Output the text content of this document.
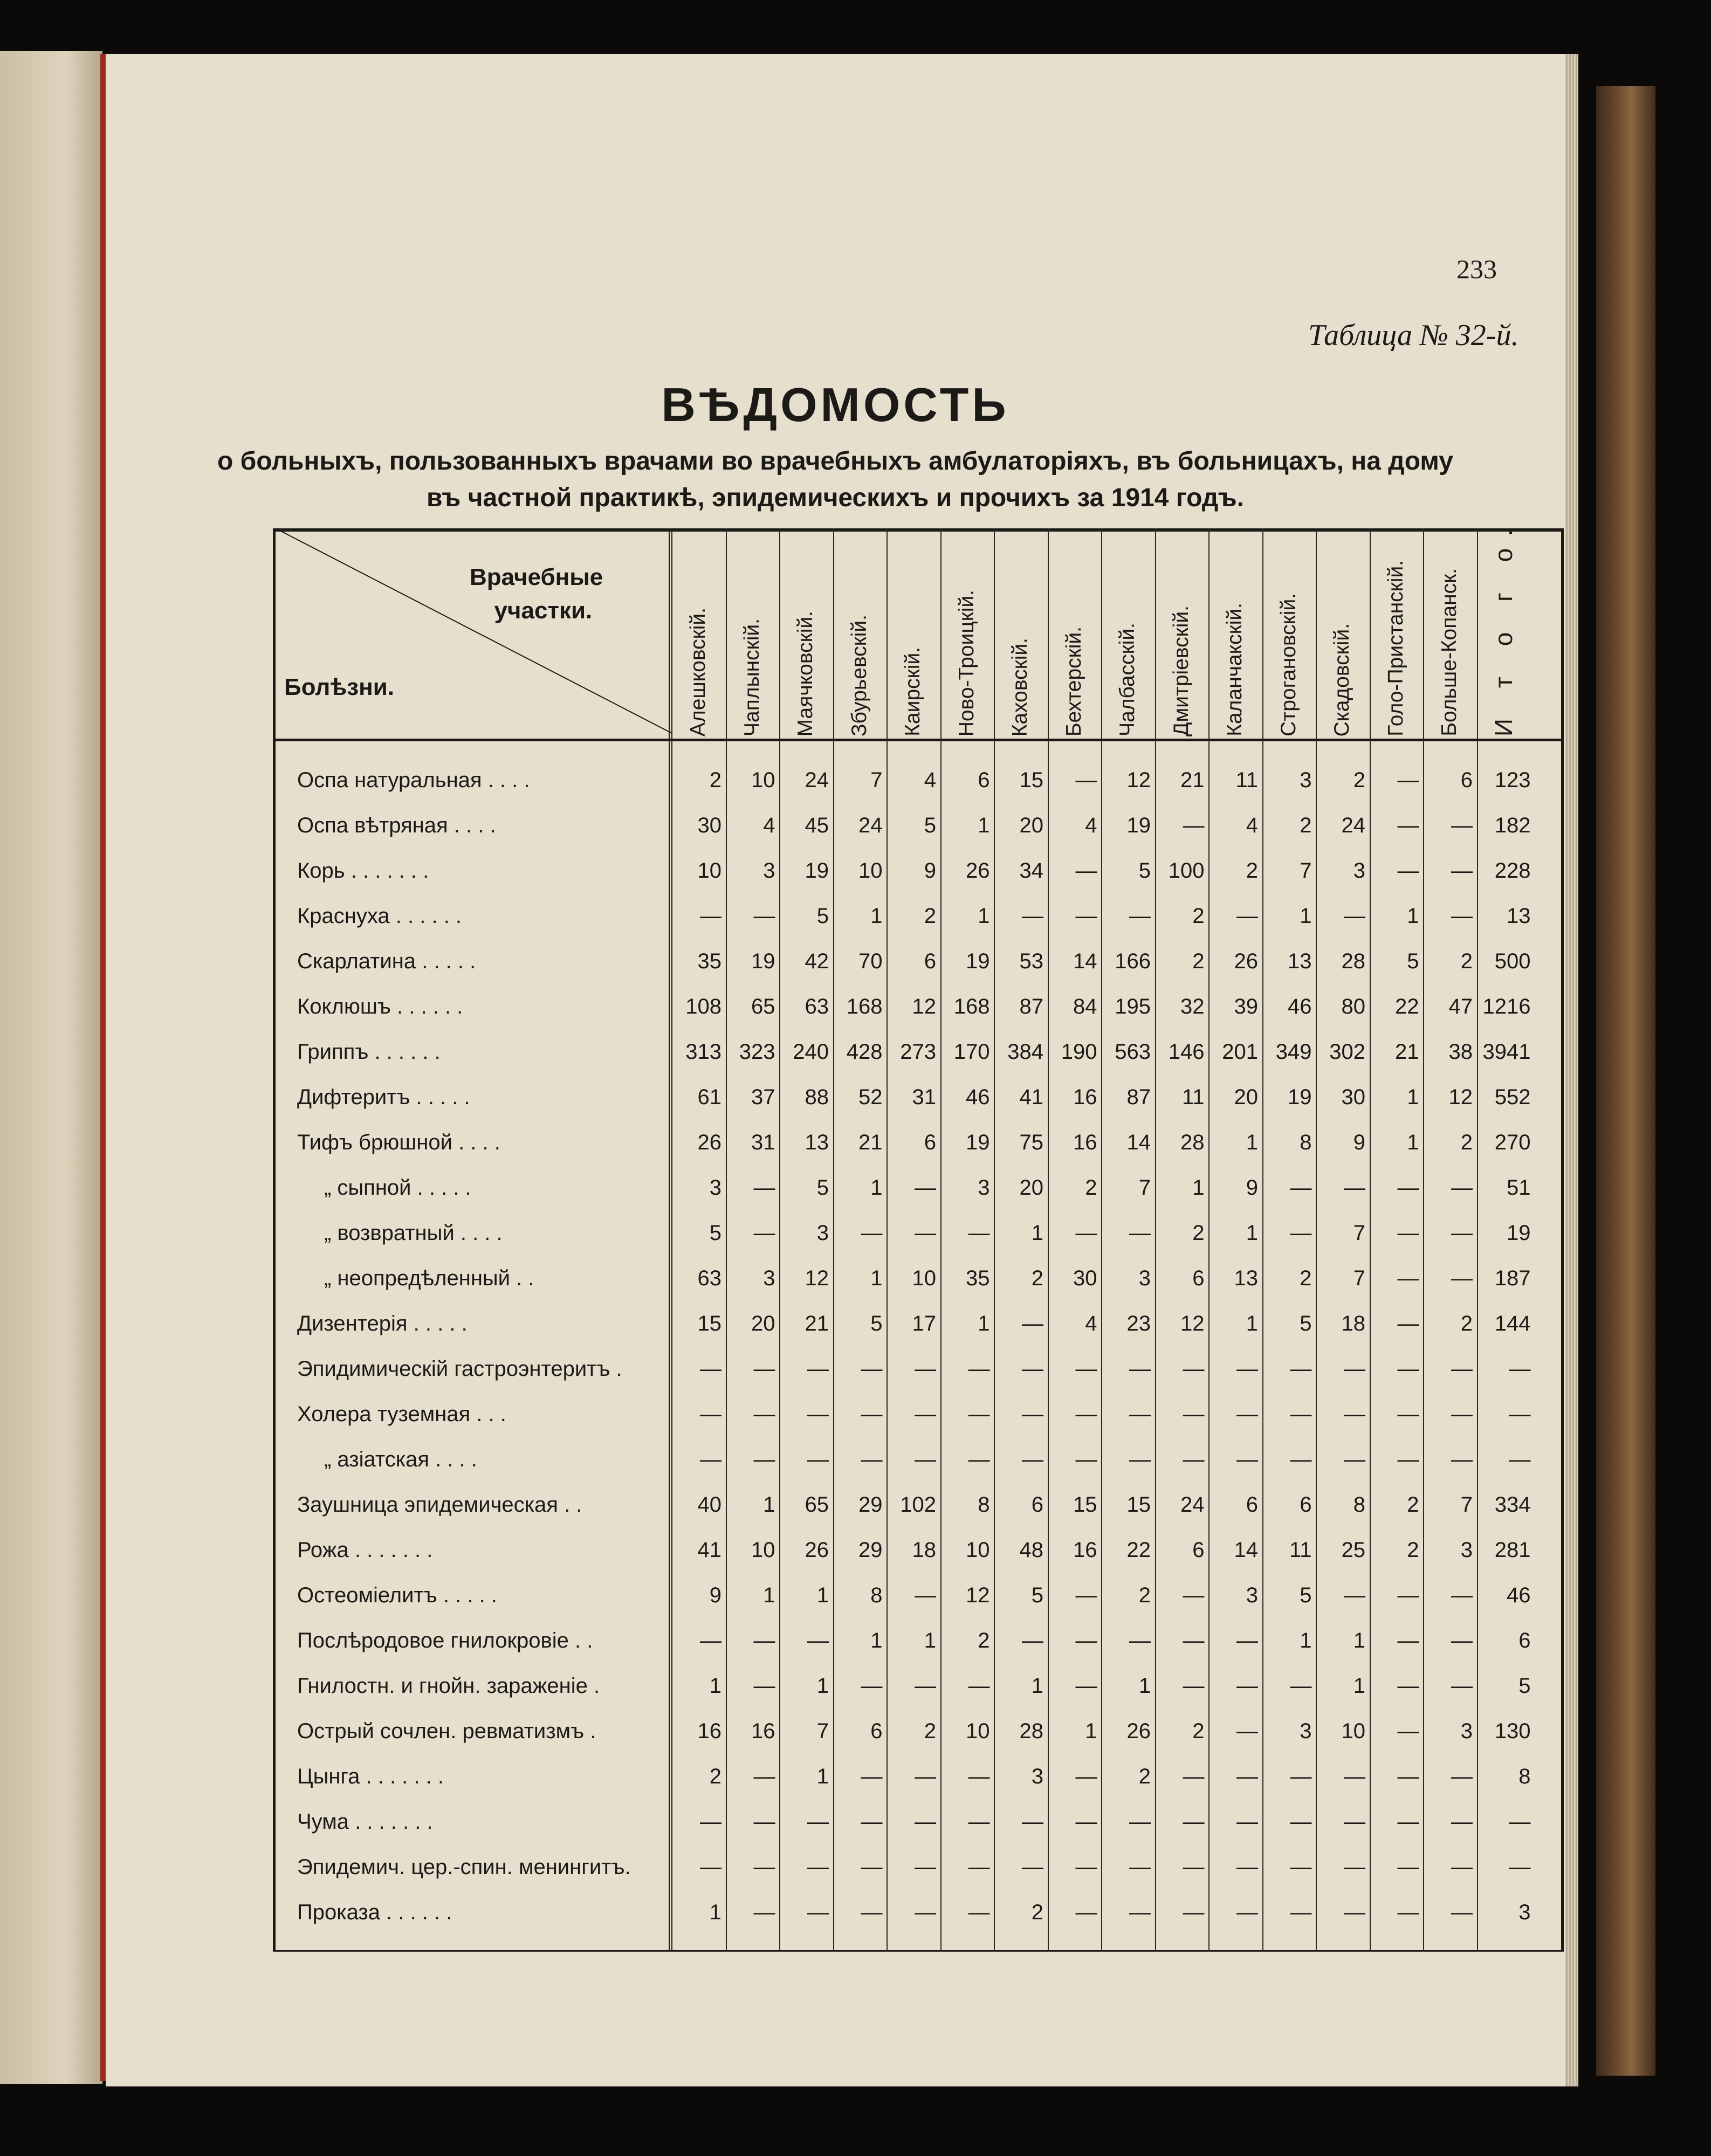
233
Таблица № 32-й.
ВѢДОМОСТЬ
о больныхъ, пользованныхъ врачами во врачебныхъ амбулаторiяхъ, въ больницахъ, на дому
въ частной практикѣ, эпидемическихъ и прочихъ за 1914 годъ.
Врачебные
участки.
Болѣзни.	Алешковскiй. Чаплынскiй. Маячковскiй. Збурьевскiй. Каирскiй. Ново-Троицкiй. Каховскiй. Бехтерскiй. Чалбасскiй. Дмитрiевскiй. Каланчакскiй. Строгановскiй. Скадовскiй. Голо-Пристанскiй. Больше-Копанск. И т о г о.
Оспа натуральная . . . .	2	10	24	7	4	6	15	—	12	21	11	3	2	—	6	123
Оспа вѣтряная . . . .	30	4	45	24	5	1	20	4	19	—	4	2	24	—	—	182
Корь . . . . . . .	10	3	19	10	9	26	34	—	5 100	2	7	3	—	—	228
Краснуха . . . . . .	—	—	5	1	2	1	—	—	—	2	—	1	—	1	—	13
Скарлатина . . . . .	35	19	42	70	6	19	53	14 166	2	26	13	28	5	2	500
Коклюшъ . . . . . .	108	65	63 168	12 168	87	84 195	32	39	46	80	22	47 1216
Гриппъ . . . . . .	313 323 240 428 273 170 384 190 563 146 201 349 302	21	38 3941
Дифтеритъ . . . . .	61	37	88	52	31	46	41	16	87	11	20	19	30	1	12	552
Тифъ брюшной . . . .	26	31	13	21	6	19	75	16	14	28	1	8	9	1	2	270
„ сыпной . . . . .	3	—	5	1	—	3	20	2	7	1	9	—	—	—	—	51
„ возвратный . . . .	5	—	3	—	—	—	1	—	—	2	1	—	7	—	—	19
„ неопредѣленный . .	63	3	12	1	10	35	2	30	3	6	13	2	7	—	—	187
Дизентерiя . . . . .	15	20	21	5	17	1	—	4	23	12	1	5	18	—	2	144
Эпидимическiй гастроэнтеритъ .	—	—	—	—	—	—	—	—	—	—	—	—	—	—	—	—
Холера туземная . . .	—	—	—	—	—	—	—	—	—	—	—	—	—	—	—	—
„ азiатская . . . .	—	—	—	—	—	—	—	—	—	—	—	—	—	—	—	—
Заушница эпидемическая . .	40	1	65	29 102	8	6	15	15	24	6	6	8	2	7	334
Рожа . . . . . . .	41	10	26	29	18	10	48	16	22	6	14	11	25	2	3	281
Остеомiелитъ . . . . .	9	1	1	8	—	12	5	—	2	—	3	5	—	—	—	46
Послѣродовое гнилокровiе . .	—	—	—	1	1	2	—	—	—	—	—	1	1	—	—	6
Гнилостн. и гнойн. зараженiе .	1	—	1	—	—	—	1	—	1	—	—	—	1	—	—	5
Острый сочлен. ревматизмъ .	16	16	7	6	2	10	28	1	26	2	—	3	10	—	3	130
Цынга . . . . . . .	2	—	1	—	—	—	3	—	2	—	—	—	—	—	—	8
Чума . . . . . . .	—	—	—	—	—	—	—	—	—	—	—	—	—	—	—	—
Эпидемич. цер.-спин. менингитъ.	—	—	—	—	—	—	—	—	—	—	—	—	—	—	—	—
Проказа . . . . . .	1	—	—	—	—	—	2	—	—	—	—	—	—	—	—	3
